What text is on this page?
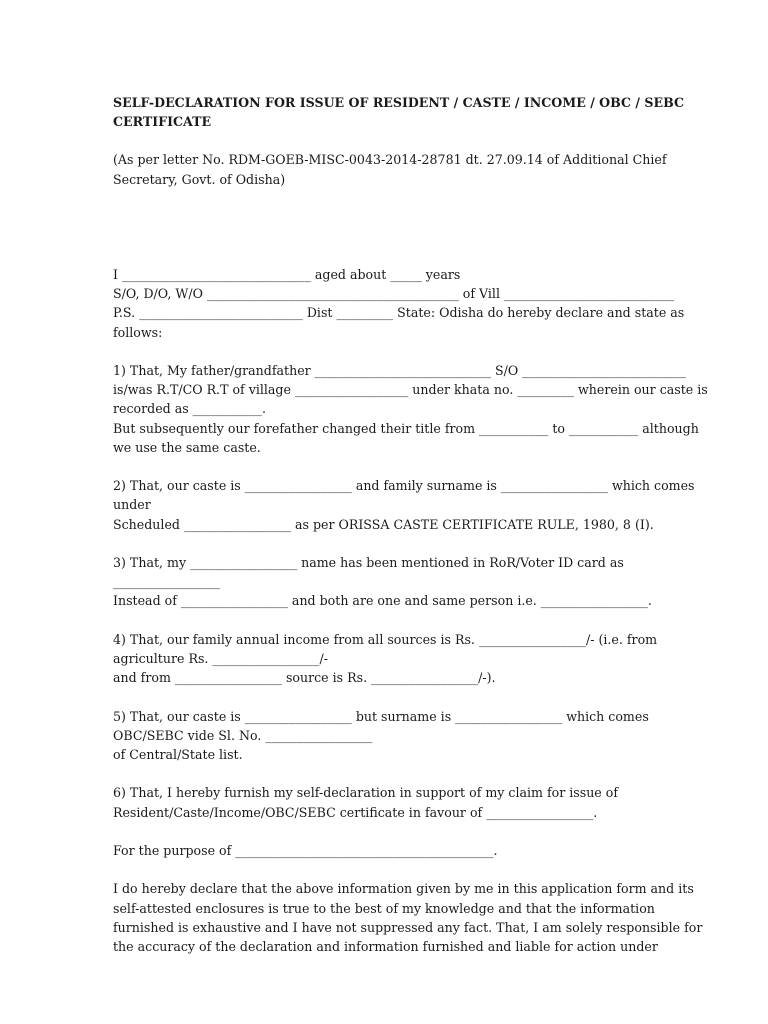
SELF-DECLARATION FOR ISSUE OF RESIDENT / CASTE / INCOME / OBC / SEBC
CERTIFICATE
(As per letter No. RDM-GOEB-MISC-0043-2014-28781 dt. 27.09.14 of Additional Chief
Secretary, Govt. of Odisha)
I ______________________________ aged about _____ years
S/O, D/O, W/O ________________________________________ of Vill ___________________________
P.S. __________________________ Dist _________ State: Odisha do hereby declare and state as
follows:
1) That, My father/grandfather ____________________________ S/O __________________________
is/was R.T/CO R.T of village __________________ under khata no. _________ wherein our caste is
recorded as ___________.
But subsequently our forefather changed their title from ___________ to ___________ although
we use the same caste.
2) That, our caste is _________________ and family surname is _________________ which comes
under
Scheduled _________________ as per ORISSA CASTE CERTIFICATE RULE, 1980, 8 (I).
3) That, my _________________ name has been mentioned in RoR/Voter ID card as
_________________
Instead of _________________ and both are one and same person i.e. _________________.
4) That, our family annual income from all sources is Rs. _________________/- (i.e. from
agriculture Rs. _________________/-
and from _________________ source is Rs. _________________/-).
5) That, our caste is _________________ but surname is _________________ which comes
OBC/SEBC vide Sl. No. _________________
of Central/State list.
6) That, I hereby furnish my self-declaration in support of my claim for issue of
Resident/Caste/Income/OBC/SEBC certificate in favour of _________________.
For the purpose of _________________________________________.
I do hereby declare that the above information given by me in this application form and its
self-attested enclosures is true to the best of my knowledge and that the information
furnished is exhaustive and I have not suppressed any fact. That, I am solely responsible for
the accuracy of the declaration and information furnished and liable for action under
